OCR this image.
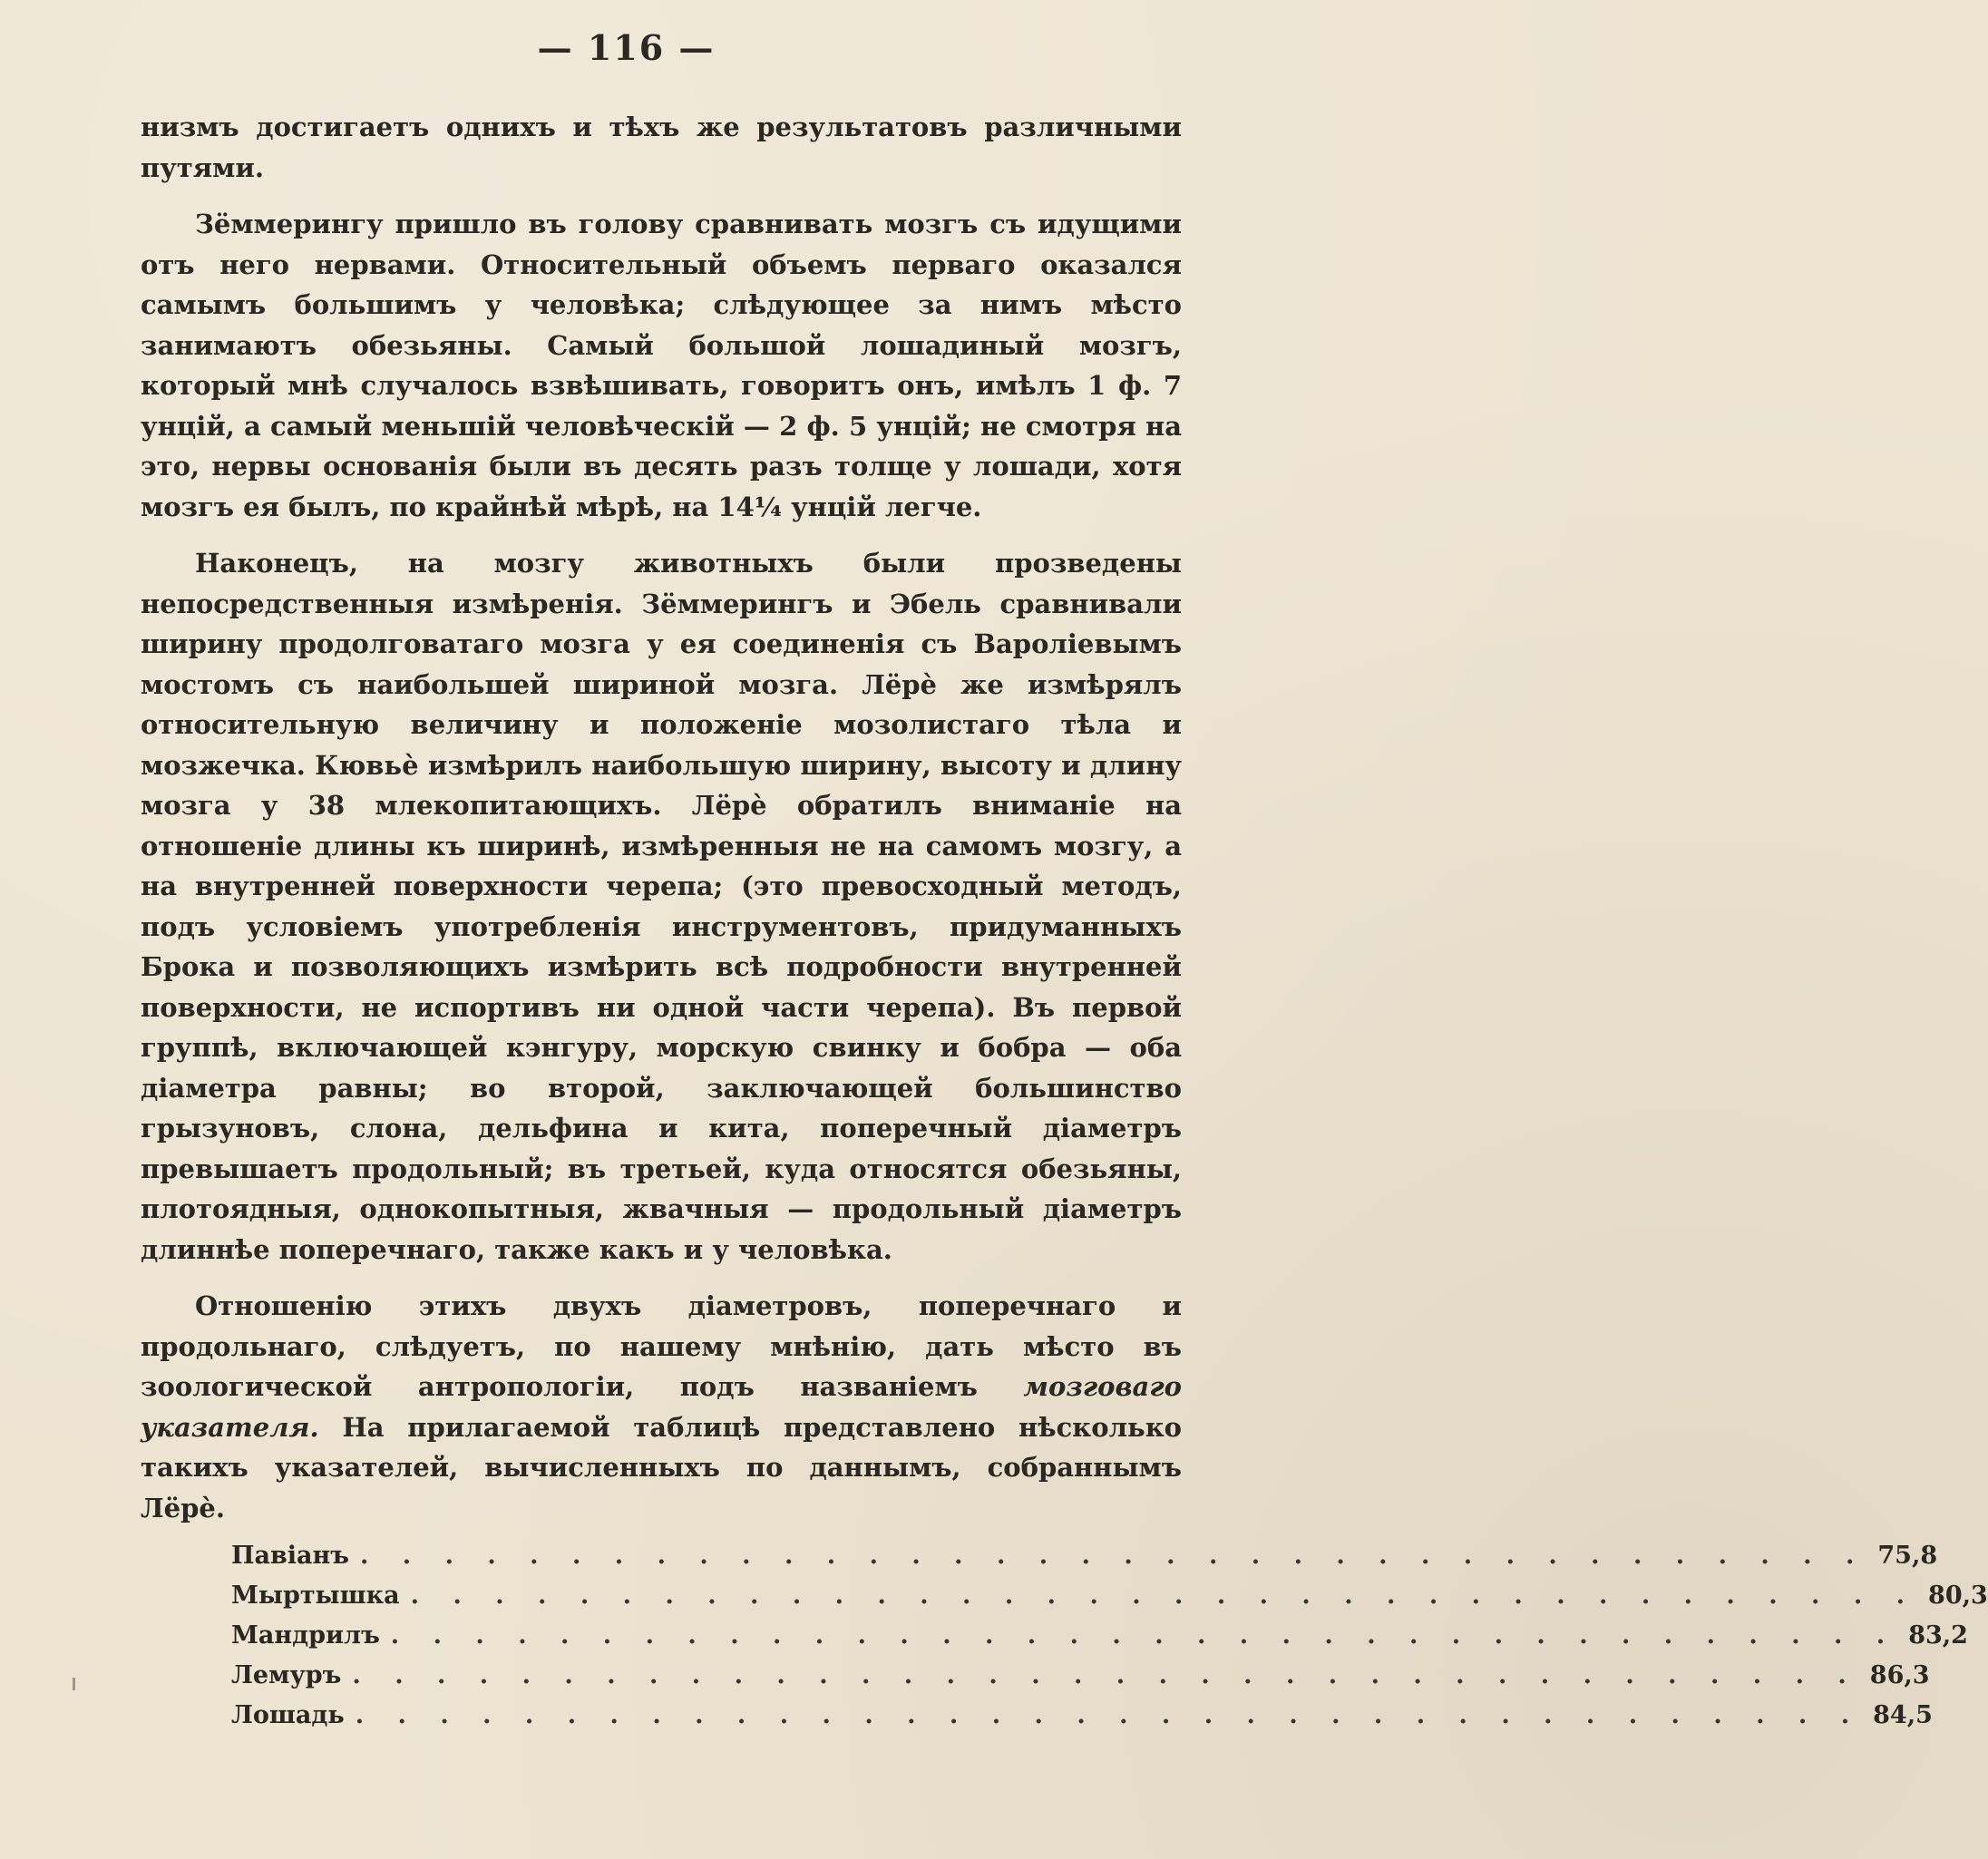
— 116 —

низмъ достигаетъ однихъ и тѣхъ же результатовъ различными путями.

Зёммерингу пришло въ голову сравнивать мозгъ съ идущими отъ него нервами. Относительный объемъ перваго оказался самымъ большимъ у человѣка; слѣдующее за нимъ мѣсто занимаютъ обезьяны. Самый большой лошадиный мозгъ, который мнѣ случалось взвѣшивать, говоритъ онъ, имѣлъ 1 ф. 7 унцій, а самый меньшій человѣческій — 2 ф. 5 унцій; не смотря на это, нервы основанія были въ десять разъ толще у лошади, хотя мозгъ ея былъ, по крайнѣй мѣрѣ, на 14¼ унцій легче.

Наконецъ, на мозгу животныхъ были прозведены непосредственныя измѣренія. Зёммерингъ и Эбель сравнивали ширину продолговатаго мозга у ея соединенія съ Вароліевымъ мостомъ съ наибольшей шириной мозга. Лёрè же измѣрялъ относительную величину и положеніе мозолистаго тѣла и мозжечка. Кювьè измѣрилъ наибольшую ширину, высоту и длину мозга у 38 млекопитающихъ. Лёрè обратилъ вниманіе на отношеніе длины къ ширинѣ, измѣренныя не на самомъ мозгу, а на внутренней поверхности черепа; (это превосходный методъ, подъ условіемъ употребленія инструментовъ, придуманныхъ Брока и позволяющихъ измѣрить всѣ подробности внутренней поверхности, не испортивъ ни одной части черепа). Въ первой группѣ, включающей кэнгуру, морскую свинку и бобра — оба діаметра равны; во второй, заключающей большинство грызуновъ, слона, дельфина и кита, поперечный діаметръ превышаетъ продольный; въ третьей, куда относятся обезьяны, плотоядныя, однокопытныя, жвачныя — продольный діаметръ длиннѣе поперечнаго, также какъ и у человѣка.

Отношенію этихъ двухъ діаметровъ, поперечнаго и продольнаго, слѣдуетъ, по нашему мнѣнію, дать мѣсто въ зоологической антропологіи, подъ названіемъ мозговаго указателя. На прилагаемой таблицѣ представлено нѣсколько такихъ указателей, вычисленныхъ по даннымъ, собраннымъ Лёрè.

Павіанъ . . . . . . . . . . . . . . . . . . . . . . . . . . . . . . . . . . . . 75,8
Мыртышка . . . . . . . . . . . . . . . . . . . . . . . . . . . . . . . . . . . . 80,3
Мандрилъ . . . . . . . . . . . . . . . . . . . . . . . . . . . . . . . . . . . . 83,2
Лемуръ . . . . . . . . . . . . . . . . . . . . . . . . . . . . . . . . . . . . 86,3
Лошадь . . . . . . . . . . . . . . . . . . . . . . . . . . . . . . . . . . . . 84,5
